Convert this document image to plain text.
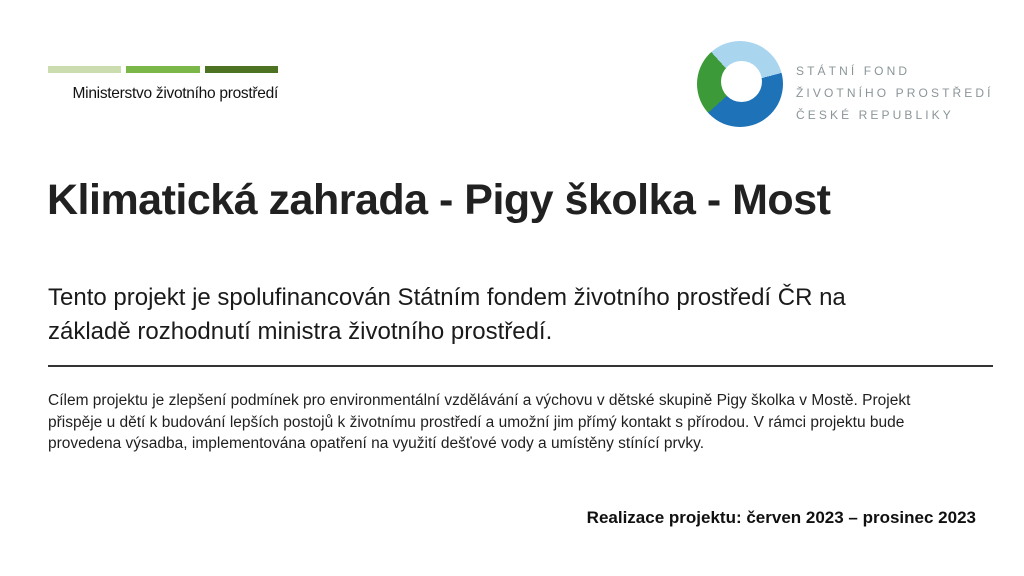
Ministerstvo životního prostředí
STÁTNÍ FOND
ŽIVOTNÍHO PROSTŘEDÍ
ČESKÉ REPUBLIKY
Klimatická zahrada - Pigy školka - Most

Tento projekt je spolufinancován Státním fondem životního prostředí ČR na
základě rozhodnutí ministra životního prostředí.

Cílem projektu je zlepšení podmínek pro environmentální vzdělávání a výchovu v dětské skupině Pigy školka v Mostě. Projekt
přispěje u dětí k budování lepších postojů k životnímu prostředí a umožní jim přímý kontakt s přírodou. V rámci projektu bude
provedena výsadba, implementována opatření na využití dešťové vody a umístěny stínící prvky.

Realizace projektu: červen 2023 – prosinec 2023
